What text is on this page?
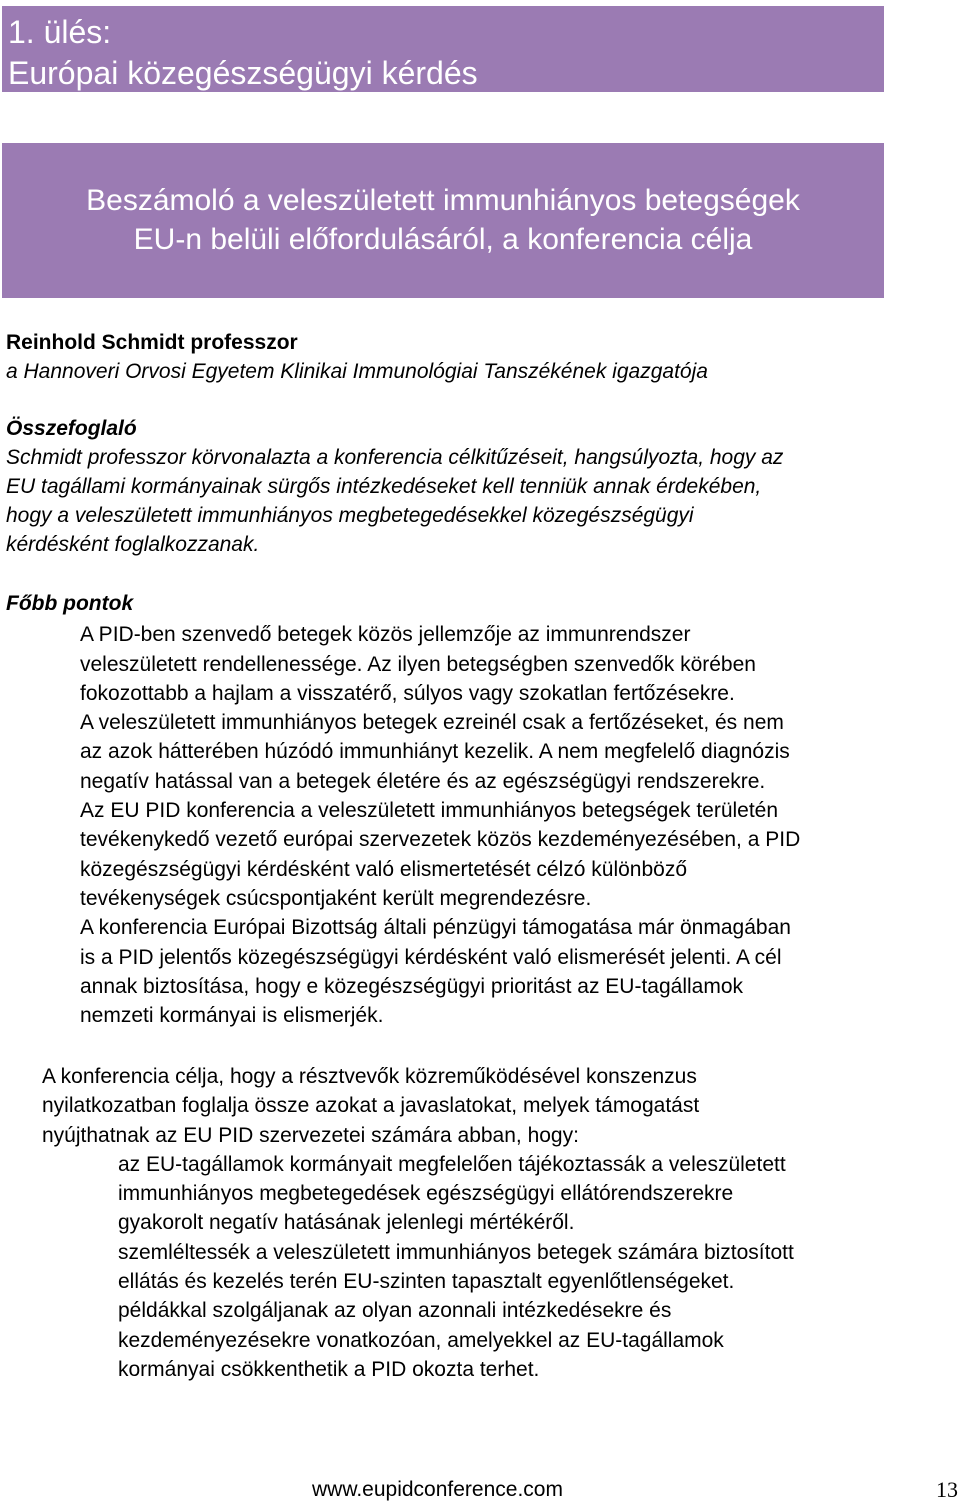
1. ülés:
Európai közegészségügyi kérdés
Beszámoló a veleszületett immunhiányos betegségek
EU-n belüli előfordulásáról, a konferencia célja
Reinhold Schmidt professzor
a Hannoveri Orvosi Egyetem Klinikai Immunológiai Tanszékének igazgatója
Összefoglaló
Schmidt professzor körvonalazta a konferencia célkitűzéseit, hangsúlyozta, hogy az
EU tagállami kormányainak sürgős intézkedéseket kell tenniük annak érdekében,
hogy a veleszületett immunhiányos megbetegedésekkel közegészségügyi
kérdésként foglalkozzanak.
Főbb pontok
A PID-ben szenvedő betegek közös jellemzője az immunrendszer
veleszületett rendellenessége. Az ilyen betegségben szenvedők körében
fokozottabb a hajlam a visszatérő, súlyos vagy szokatlan fertőzésekre.
A veleszületett immunhiányos betegek ezreinél csak a fertőzéseket, és nem
az azok hátterében húzódó immunhiányt kezelik. A nem megfelelő diagnózis
negatív hatással van a betegek életére és az egészségügyi rendszerekre.
Az EU PID konferencia a veleszületett immunhiányos betegségek területén
tevékenykedő vezető európai szervezetek közös kezdeményezésében, a PID
közegészségügyi kérdésként való elismertetését célzó különböző
tevékenységek csúcspontjaként került megrendezésre.
A konferencia Európai Bizottság általi pénzügyi támogatása már önmagában
is a PID jelentős közegészségügyi kérdésként való elismerését jelenti. A cél
annak biztosítása, hogy e közegészségügyi prioritást az EU-tagállamok
nemzeti kormányai is elismerjék.
A konferencia célja, hogy a résztvevők közreműködésével konszenzus
nyilatkozatban foglalja össze azokat a javaslatokat, melyek támogatást
nyújthatnak az EU PID szervezetei számára abban, hogy:
az EU-tagállamok kormányait megfelelően tájékoztassák a veleszületett
immunhiányos megbetegedések egészségügyi ellátórendszerekre
gyakorolt negatív hatásának jelenlegi mértékéről.
szemléltessék a veleszületett immunhiányos betegek számára biztosított
ellátás és kezelés terén EU-szinten tapasztalt egyenlőtlenségeket.
példákkal szolgáljanak az olyan azonnali intézkedésekre és
kezdeményezésekre vonatkozóan, amelyekkel az EU-tagállamok
kormányai csökkenthetik a PID okozta terhet.
www.eupidconference.com	13
